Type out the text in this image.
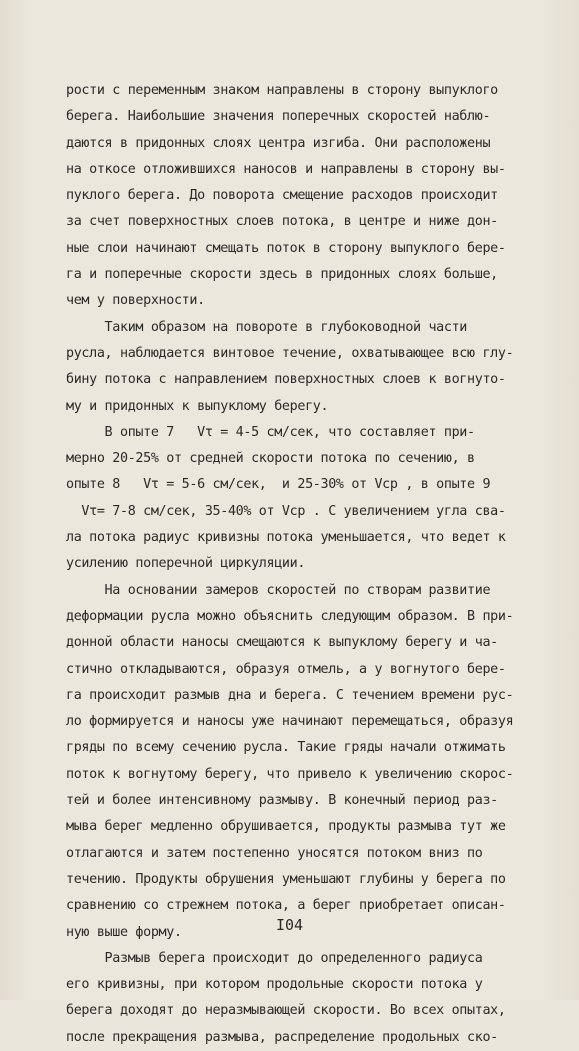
рости с переменным знаком направлены в сторону выпуклого
берега. Наибольшие значения поперечных скоростей наблю-
даются в придонных слоях центра изгиба. Они расположены
на откосе отложившихся наносов и направлены в сторону вы-
пуклого берега. До поворота смещение расходов происходит
за счет поверхностных слоев потока, в центре и ниже дон-
ные слои начинают смещать поток в сторону выпуклого бере-
га и поперечные скорости здесь в придонных слоях больше,
чем у поверхности.
Таким образом на повороте в глубоководной части
русла, наблюдается винтовое течение, охватывающее всю глу-
бину потока с направлением поверхностных слоев к вогнуто-
му и придонных к выпуклому берегу.
В опыте 7   Vτ = 4-5 см/сек, что составляет при-
мерно 20-25% от средней скорости потока по сечению, в
опыте 8   Vτ = 5-6 см/сек,  и 25-30% от Vср , в опыте 9
Vτ= 7-8 см/сек, 35-40% от Vср . С увеличением угла сва-
ла потока радиус кривизны потока уменьшается, что ведет к
усилению поперечной циркуляции.
На основании замеров скоростей по створам развитие
деформации русла можно объяснить следующим образом. В при-
донной области наносы смещаются к выпуклому берегу и ча-
стично откладываются, образуя отмель, а у вогнутого бере-
га происходит размыв дна и берега. С течением времени рус-
ло формируется и наносы уже начинают перемещаться, образуя
гряды по всему сечению русла. Такие гряды начали отжимать
поток к вогнутому берегу, что привело к увеличению скорос-
тей и более интенсивному размыву. В конечный период раз-
мыва берег медленно обрушивается, продукты размыва тут же
отлагаются и затем постепенно уносятся потоком вниз по
течению. Продукты обрушения уменьшают глубины у берега по
сравнению со стрежнем потока, а берег приобретает описан-
ную выше форму.
Размыв берега происходит до определенного радиуса
его кривизны, при котором продольные скорости потока у
берега доходят до неразмывающей скорости. Во всех опытах,
после прекращения размыва, распределение продольных ско-
I04
